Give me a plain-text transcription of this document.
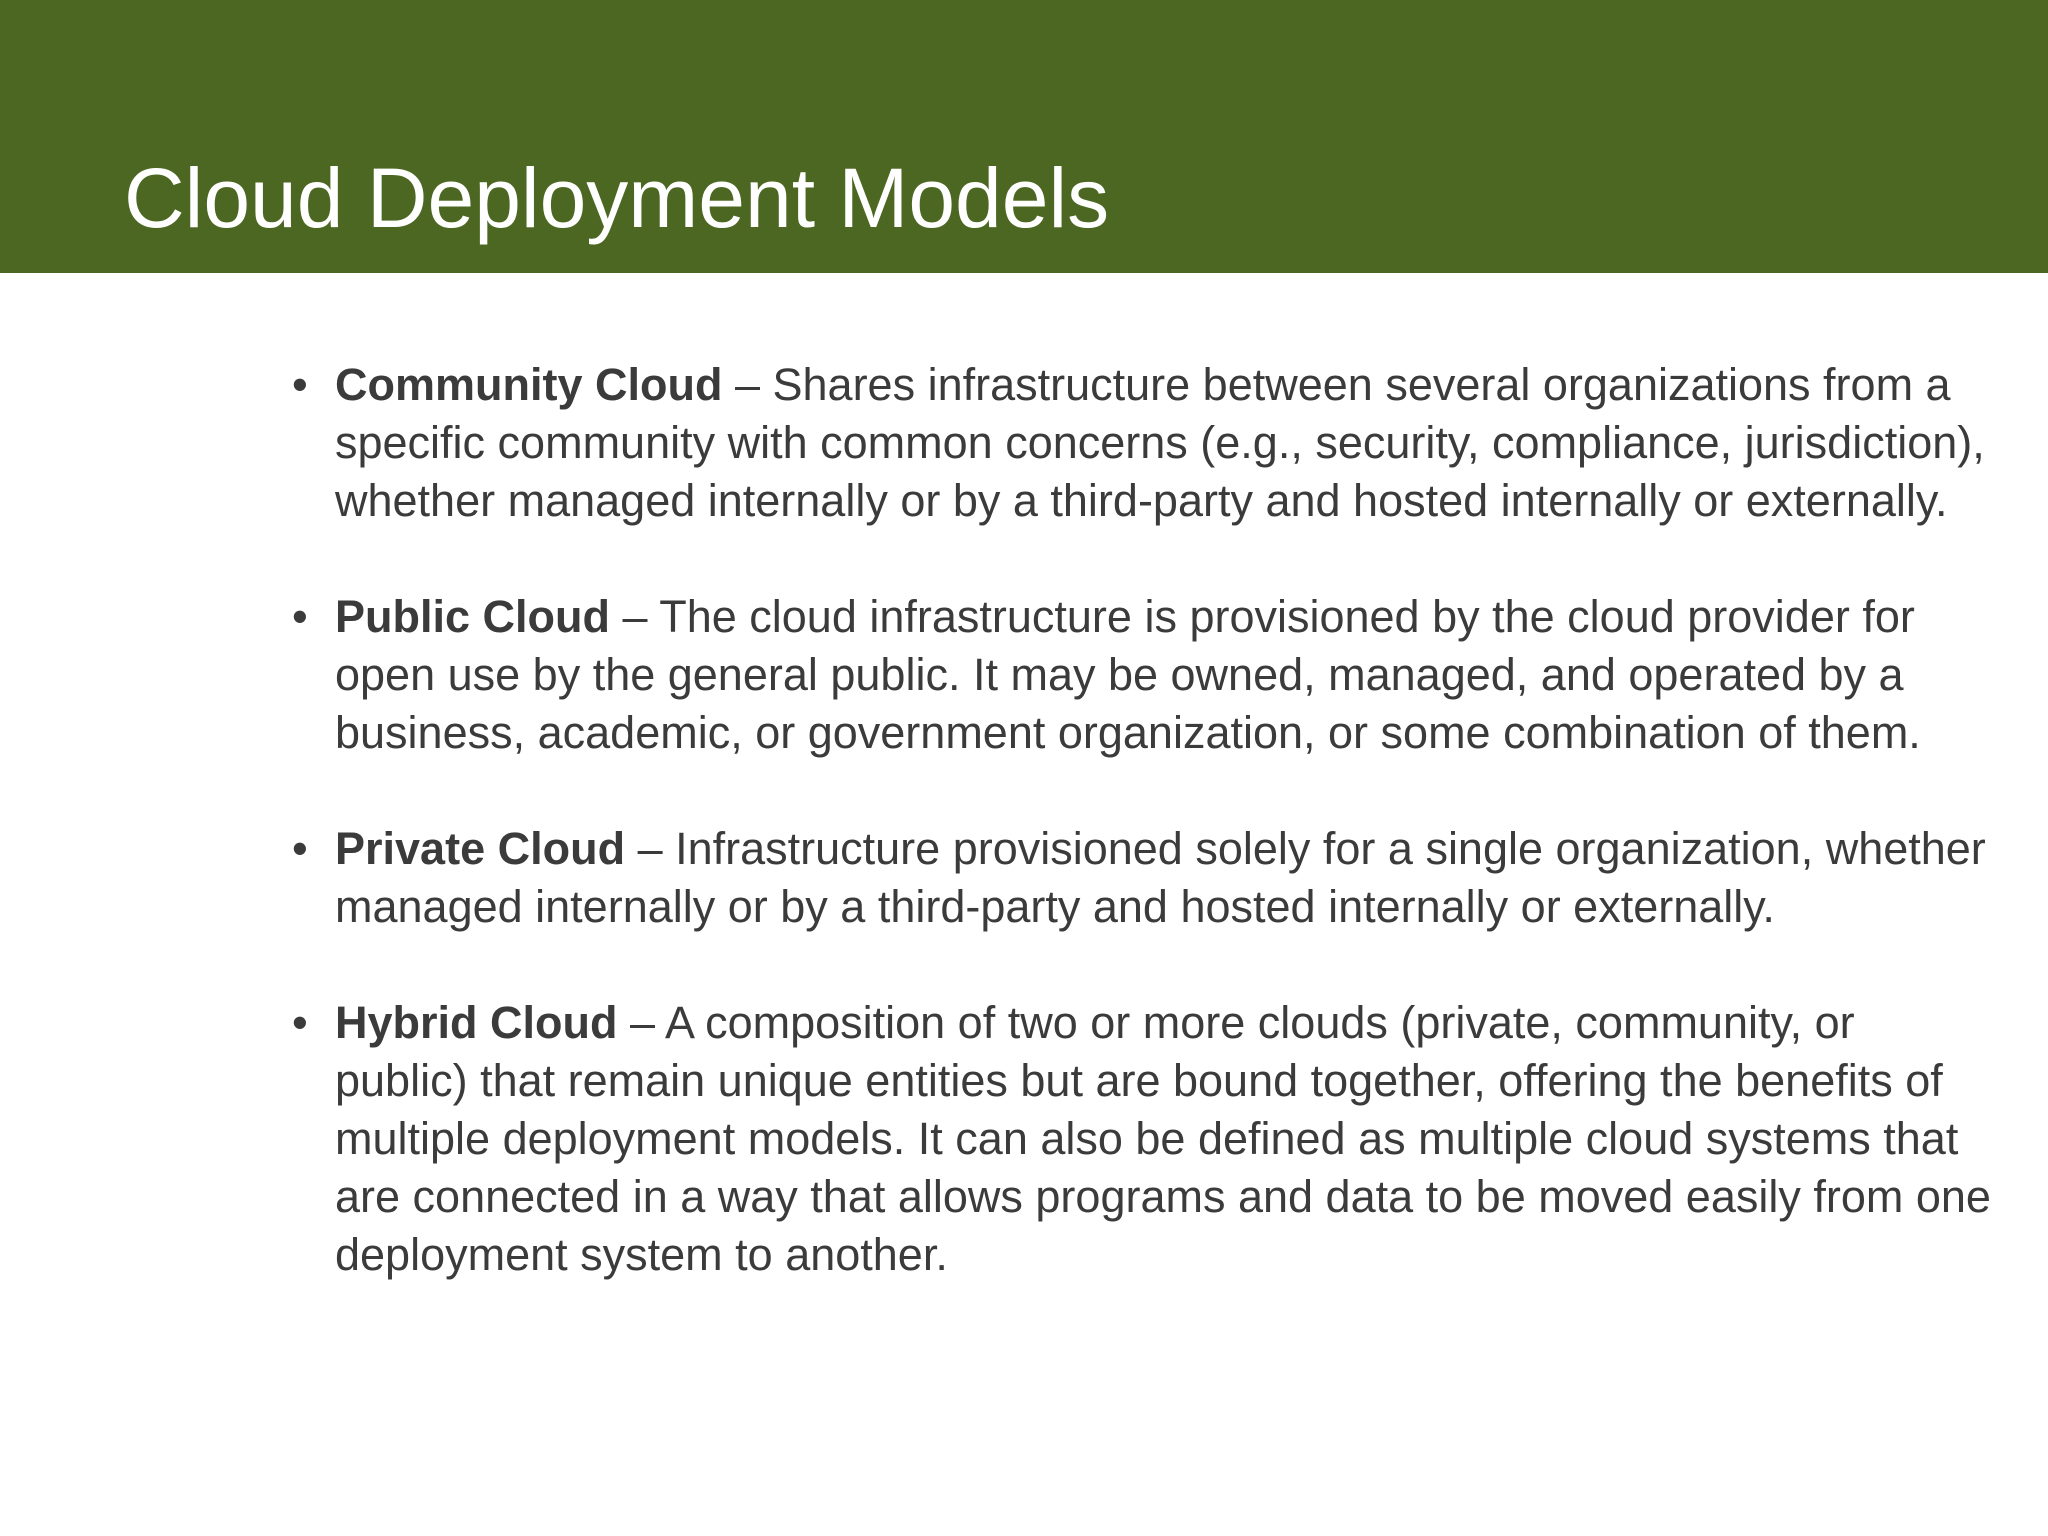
Cloud Deployment Models
• Community Cloud – Shares infrastructure between several organizations from a specific community with common concerns (e.g., security, compliance, jurisdiction), whether managed internally or by a third-party and hosted internally or externally.
• Public Cloud – The cloud infrastructure is provisioned by the cloud provider for open use by the general public. It may be owned, managed, and operated by a business, academic, or government organization, or some combination of them.
• Private Cloud – Infrastructure provisioned solely for a single organization, whether managed internally or by a third-party and hosted internally or externally.
• Hybrid Cloud – A composition of two or more clouds (private, community, or public) that remain unique entities but are bound together, offering the benefits of multiple deployment models. It can also be defined as multiple cloud systems that are connected in a way that allows programs and data to be moved easily from one deployment system to another.
